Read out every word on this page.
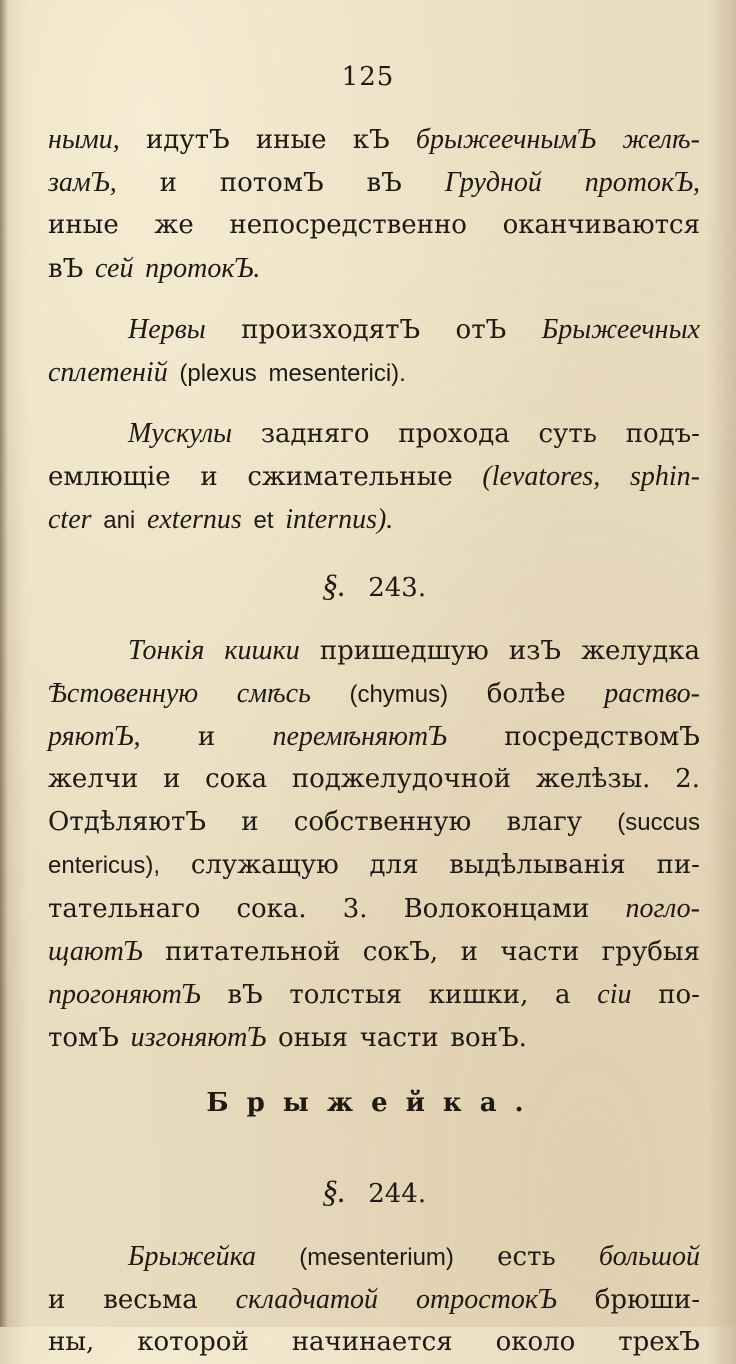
125
ными, идутЪ иные кЪ брыжеечнымЪ желѣ-
замЪ, и потомЪ вЪ Грудной протокЪ,
иные же непосредственно оканчиваются
вЪ сей протокЪ.
Нервы произходятЪ отЪ Брыжеечных
сплетеній (plexus mesenterici).
Мускулы задняго прохода суть подъ-
емлющіе и сжимательные (levatores, sphin-
cter ani externus et internus).
§. 243.
Тонкія кишки пришедшую изЪ желудка
Ѣстовенную смѣсь (chymus) болѣе раство-
ряютЪ, и перемѣняютЪ посредствомЪ
желчи и сока поджелудочной желѣзы. 2.
ОтдѣляютЪ и собственную влагу (succus
entericus), служащую для выдѣлыванія пи-
тательнаго сока. 3. Волоконцами погло-
щаютЪ питательной сокЪ, и части грубыя
прогоняютЪ вЪ толстыя кишки, а сіи по-
томЪ изгоняютЪ оныя части вонЪ.
Брыжейка.
§. 244.
Брыжейка (mesenterium) есть большой
и весьма складчатой отростокЪ брюши-
ны, которой начинается около трехЪ
